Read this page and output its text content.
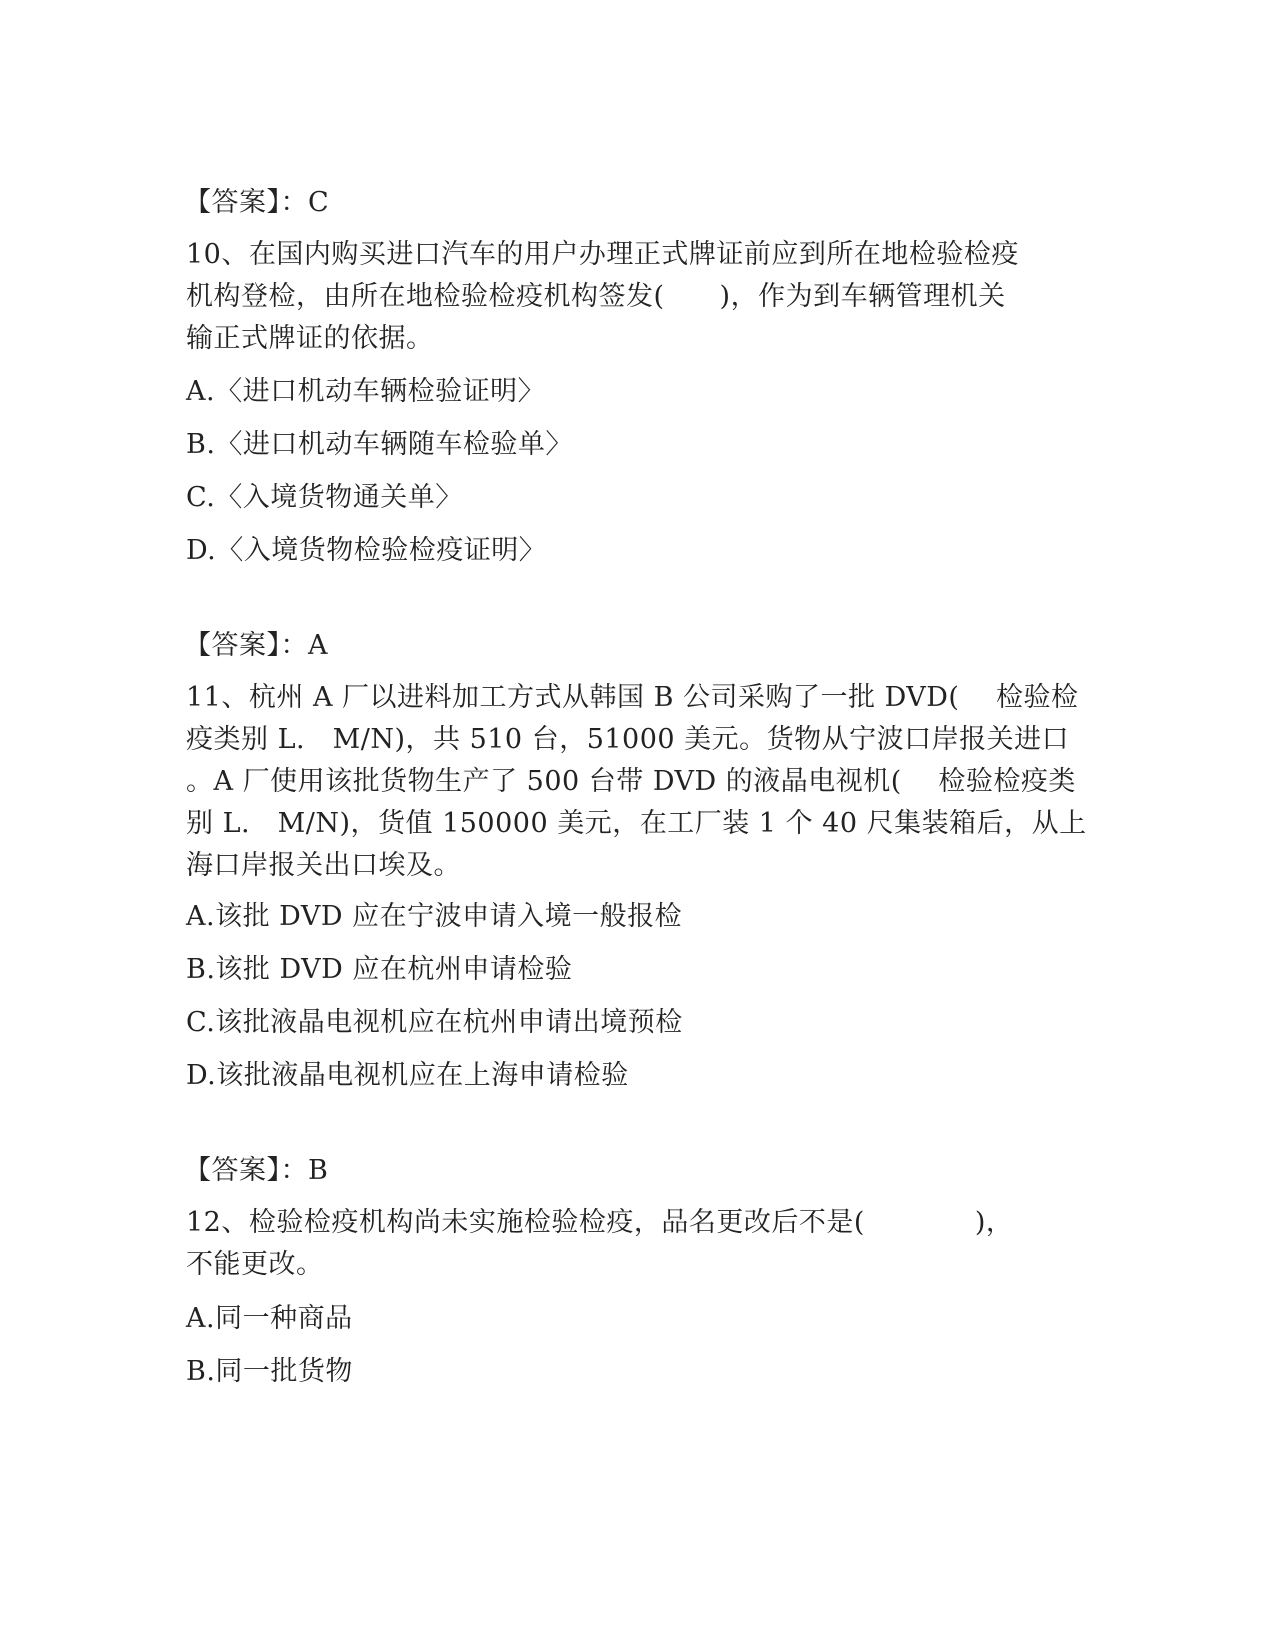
【答案】：C
10、在国内购买进口汽车的用户办理正式牌证前应到所在地检验检疫
机构登检，由所在地检验检疫机构签发(　　)，作为到车辆管理机关
输正式牌证的依据。
A.〈进口机动车辆检验证明〉
B.〈进口机动车辆随车检验单〉
C.〈入境货物通关单〉
D.〈入境货物检验检疫证明〉
【答案】：A
11、杭州 A 厂以进料加工方式从韩国 B 公司采购了一批 DVD(　 检验检
疫类别 L.　M/N)，共 510 台，51000 美元。货物从宁波口岸报关进口
。A 厂使用该批货物生产了 500 台带 DVD 的液晶电视机(　 检验检疫类
别 L.　M/N)，货值 150000 美元，在工厂装 1 个 40 尺集装箱后，从上
海口岸报关出口埃及。
A.该批 DVD 应在宁波申请入境一般报检
B.该批 DVD 应在杭州申请检验
C.该批液晶电视机应在杭州申请出境预检
D.该批液晶电视机应在上海申请检验
【答案】：B
12、检验检疫机构尚未实施检验检疫，品名更改后不是(　　　　)，
不能更改。
A.同一种商品
B.同一批货物
